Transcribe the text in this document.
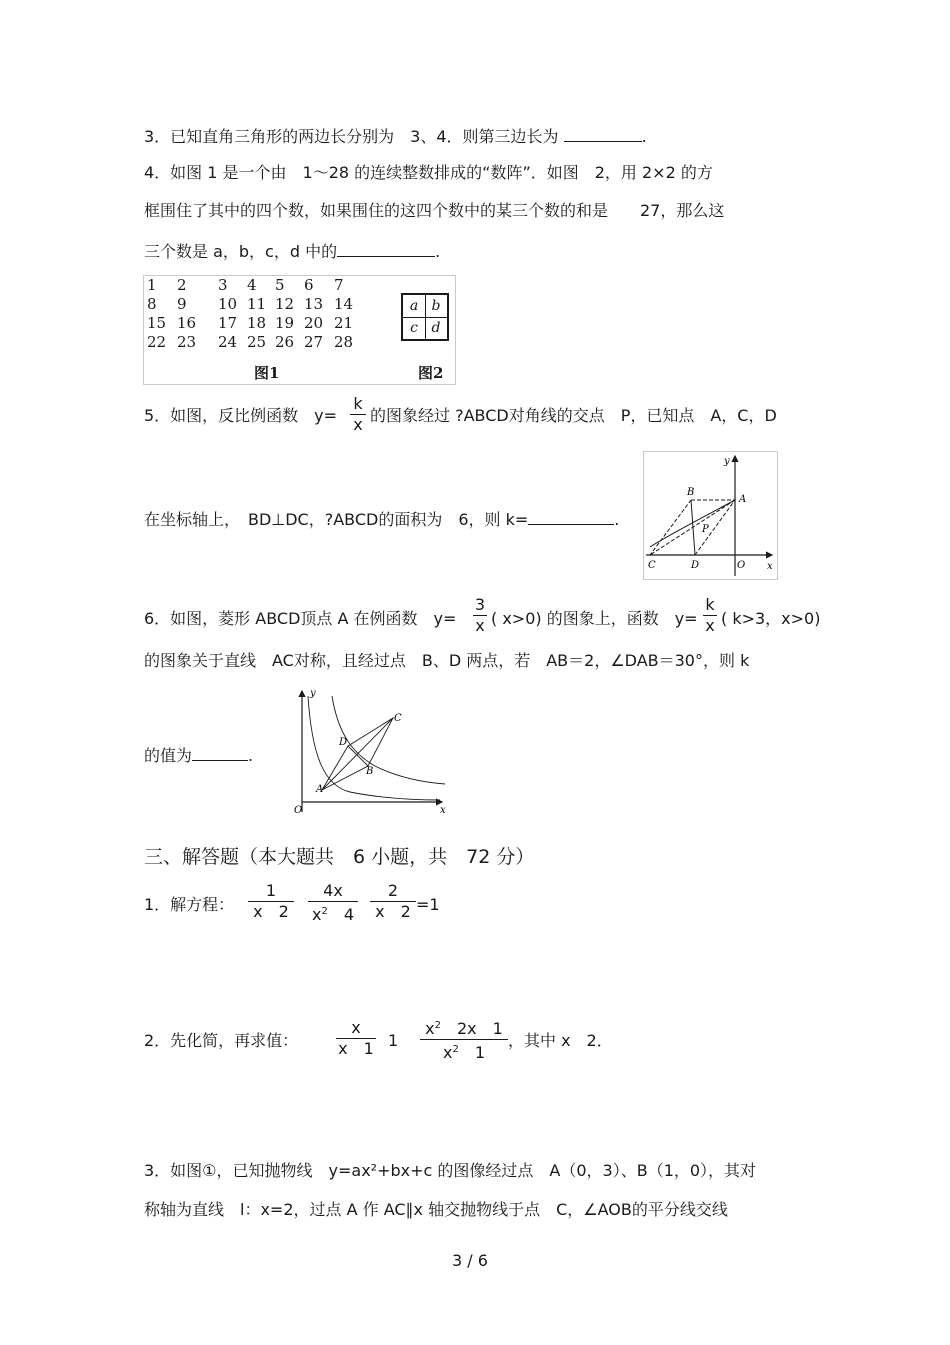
3．已知直角三角形的两边长分别为　3、4．则第三边长为	.
4．如图 1 是一个由　1～28 的连续整数排成的“数阵”．如图　2，用 2×2 的方
框围住了其中的四个数，如果围住的这四个数中的某三个数的和是　　27，那么这
三个数是 a，b，c，d 中的	.
1 2 3 4 5 6 7
8 9 10 11 12 13 14
15 16 17 18 19 20 21
22 23 24 25 26 27 28
图1	图2
a b
c d
5．如图，反比例函数　y=
k
x 的图象经过 ?ABCD对角线的交点　P，已知点　A，C，D
在坐标轴上，　BD⊥DC，?ABCD的面积为　6，则 k=	.
y
B
A
P
C	D	O x
6．如图，菱形 ABCD顶点 A 在例函数　y=
3
x ( x>0) 的图象上，函数　y=
k
x ( k>3，x>0)
的图象关于直线　AC对称，且经过点　B、D 两点，若　AB＝2，∠DAB＝30°，则 k
的值为	.
y
C
D
B
A
O	x
三、解答题（本大题共　6 小题，共　72 分）
1．解方程：
1
x　2
4x
$x^2$　4
2
x　2 =1
2．先化简，再求值：
x
x　1 1
$x^2$　2x　1
$x^2$　1
，其中 x　2．
3．如图①，已知抛物线　y=ax²+bx+c 的图像经过点　A（0，3）、B（1，0），其对
称轴为直线　l：x=2，过点 A 作 AC∥x 轴交抛物线于点　C，∠AOB的平分线交线
3 / 6
